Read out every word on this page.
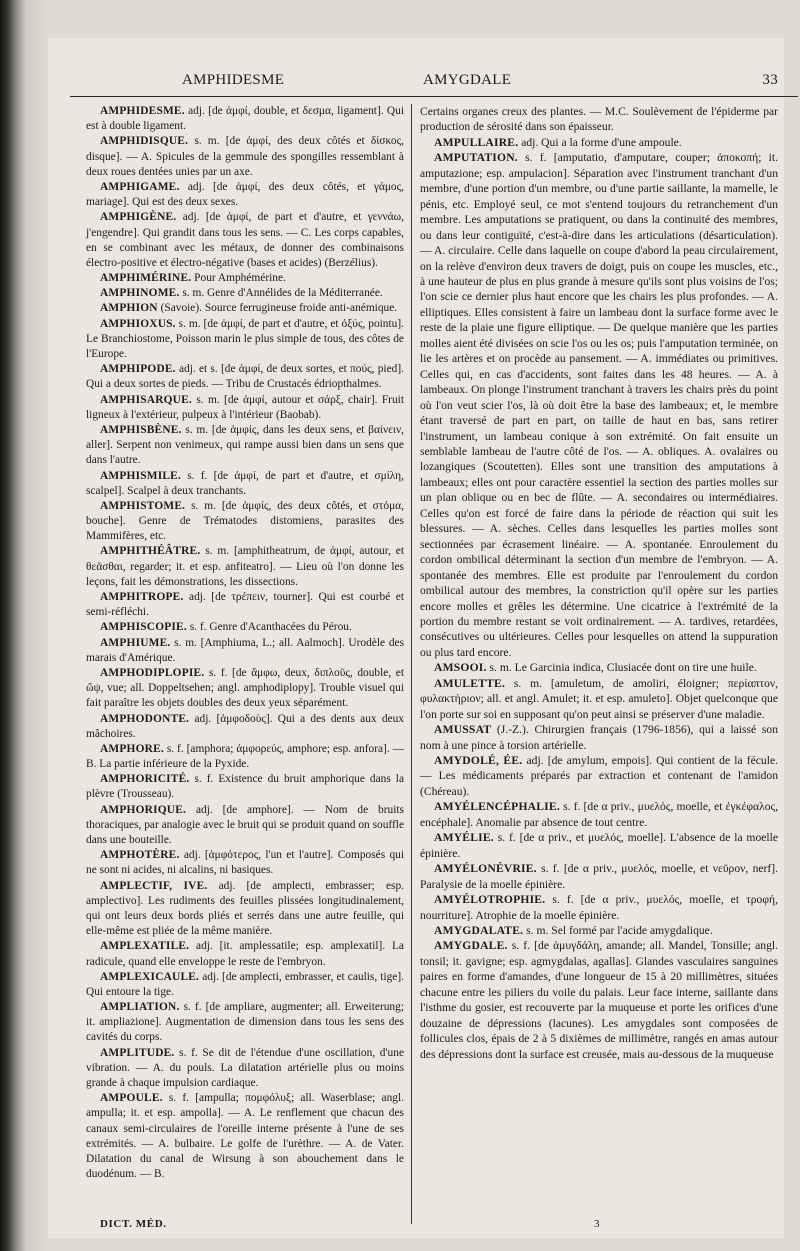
AMPHIDESME	AMYGDALE	33

AMPHIDESME. adj. [de ἀμφί, double, et δεσμα, ligament]. Qui est à double ligament.

AMPHIDISQUE. s. m. [de ἀμφί, des deux côtés et δίσκος, disque]. — A. Spicules de la gemmule des spongilles ressemblant à deux roues dentées unies par un axe.

AMPHIGAME. adj. [de ἀμφί, des deux côtés, et γάμος, mariage]. Qui est des deux sexes.

AMPHIGÈNE. adj. [de ἀμφί, de part et d'autre, et γεννάω, j'engendre]. Qui grandit dans tous les sens. — C. Les corps capables, en se combinant avec les métaux, de donner des combinaisons électro-positive et électro-négative (bases et acides) (Berzélius).

AMPHIMÉRINE. Pour Amphémérine.

AMPHINOME. s. m. Genre d'Annélides de la Méditerranée.

AMPHION (Savoie). Source ferrugineuse froide anti-anémique.

AMPHIOXUS. s. m. [de ἀμφί, de part et d'autre, et ὀξύς, pointu]. Le Branchiostome, Poisson marin le plus simple de tous, des côtes de l'Europe.

AMPHIPODE. adj. et s. [de ἀμφί, de deux sortes, et πούς, pied]. Qui a deux sortes de pieds. — Tribu de Crustacés édriopthalmes.

AMPHISARQUE. s. m. [de ἀμφί, autour et σάρξ, chair]. Fruit ligneux à l'extérieur, pulpeux à l'intérieur (Baobab).

AMPHISBÈNE. s. m. [de ἀμφίς, dans les deux sens, et βαίνειν, aller]. Serpent non venimeux, qui rampe aussi bien dans un sens que dans l'autre.

AMPHISMILE. s. f. [de ἀμφί, de part et d'autre, et σμίλη, scalpel]. Scalpel à deux tranchants.

AMPHISTOME. s. m. [de ἀμφίς, des deux côtés, et στόμα, bouche]. Genre de Trématodes distomiens, parasites des Mammifères, etc.

AMPHITHÉÂTRE. s. m. [amphitheatrum, de ἀμφί, autour, et θεᾶσθαι, regarder; it. et esp. anfiteatro]. — Lieu où l'on donne les leçons, fait les démonstrations, les dissections.

AMPHITROPE. adj. [de τρέπειν, tourner]. Qui est courbé et semi-réfléchi.

AMPHISCOPIE. s. f. Genre d'Acanthacées du Pérou.

AMPHIUME. s. m. [Amphiuma, L.; all. Aalmoch]. Urodèle des marais d'Amérique.

AMPHODIPLOPIE. s. f. [de ἄμφω, deux, διπλοῦς, double, et ὤψ, vue; all. Doppeltsehen; angl. amphodiplopy]. Trouble visuel qui fait paraître les objets doubles des deux yeux séparément.

AMPHODONTE. adj. [ἀμφοδοὺς]. Qui a des dents aux deux mâchoires.

AMPHORE. s. f. [amphora; ἀμφορεύς, amphore; esp. anfora]. — B. La partie inférieure de la Pyxide.

AMPHORICITÉ. s. f. Existence du bruit amphorique dans la plèvre (Trousseau).

AMPHORIQUE. adj. [de amphore]. — Nom de bruits thoraciques, par analogie avec le bruit qui se produit quand on souffle dans une bouteille.

AMPHOTÈRE. adj. [ἀμφότερος, l'un et l'autre]. Composés qui ne sont ni acides, ni alcalins, ni basiques.

AMPLECTIF, IVE. adj. [de amplecti, embrasser; esp. amplectivo]. Les rudiments des feuilles plissées longitudinalement, qui ont leurs deux bords pliés et serrés dans une autre feuille, qui elle-même est pliée de la même manière.

AMPLEXATILE. adj. [it. amplessatile; esp. amplexatil]. La radicule, quand elle enveloppe le reste de l'embryon.

AMPLEXICAULE. adj. [de amplecti, embrasser, et caulis, tige]. Qui entoure la tige.

AMPLIATION. s. f. [de ampliare, augmenter; all. Erweiterung; it. ampliazione]. Augmentation de dimension dans tous les sens des cavités du corps.

AMPLITUDE. s. f. Se dit de l'étendue d'une oscillation, d'une vibration. — A. du pouls. La dilatation artérielle plus ou moins grande à chaque impulsion cardiaque.

AMPOULE. s. f. [ampulla; πομφόλυξ; all. Waserblase; angl. ampulla; it. et esp. ampolla]. — A. Le renflement que chacun des canaux semi-circulaires de l'oreille interne présente à l'une de ses extrémités. — A. bulbaire. Le golfe de l'urèthre. — A. de Vater. Dilatation du canal de Wirsung à son abouchement dans le duodénum. — B.

Certains organes creux des plantes. — M.C. Soulèvement de l'épiderme par production de sérosité dans son épaisseur.

AMPULLAIRE. adj. Qui a la forme d'une ampoule.

AMPUTATION. s. f. [amputatio, d'amputare, couper; ἀποκοπή; it. amputazione; esp. ampulacion]. Séparation avec l'instrument tranchant d'un membre, d'une portion d'un membre, ou d'une partie saillante, la mamelle, le pénis, etc. Employé seul, ce mot s'entend toujours du retranchement d'un membre. Les amputations se pratiquent, ou dans la continuité des membres, ou dans leur contiguïté, c'est-à-dire dans les articulations (désarticulation). — A. circulaire. Celle dans laquelle on coupe d'abord la peau circulairement, on la relève d'environ deux travers de doigt, puis on coupe les muscles, etc., à une hauteur de plus en plus grande à mesure qu'ils sont plus voisins de l'os; l'on scie ce dernier plus haut encore que les chairs les plus profondes. — A. elliptiques. Elles consistent à faire un lambeau dont la surface forme avec le reste de la plaie une figure elliptique. — De quelque manière que les parties molles aient été divisées on scie l'os ou les os; puis l'amputation terminée, on lie les artères et on procède au pansement. — A. immédiates ou primitives. Celles qui, en cas d'accidents, sont faites dans les 48 heures. — A. à lambeaux. On plonge l'instrument tranchant à travers les chairs près du point où l'on veut scier l'os, là où doit être la base des lambeaux; et, le membre étant traversé de part en part, on taille de haut en bas, sans retirer l'instrument, un lambeau conique à son extrémité. On fait ensuite un semblable lambeau de l'autre côté de l'os. — A. obliques. A. ovalaires ou lozangiques (Scoutetten). Elles sont une transition des amputations à lambeaux; elles ont pour caractère essentiel la section des parties molles sur un plan oblique ou en bec de flûte. — A. secondaires ou intermédiaires. Celles qu'on est forcé de faire dans la période de réaction qui suit les blessures. — A. sèches. Celles dans lesquelles les parties molles sont sectionnées par écrasement linéaire. — A. spontanée. Enroulement du cordon ombilical déterminant la section d'un membre de l'embryon. — A. spontanée des membres. Elle est produite par l'enroulement du cordon ombilical autour des membres, la constriction qu'il opère sur les parties encore molles et grêles les détermine. Une cicatrice à l'extrémité de la portion du membre restant se voit ordinairement. — A. tardives, retardées, consécutives ou ultérieures. Celles pour lesquelles on attend la suppuration ou plus tard encore.

AMSOOI. s. m. Le Garcinia indica, Clusiacée dont on tire une huile.

AMULETTE. s. m. [amuletum, de amoliri, éloigner; περίαπτον, φυλακτήριον; all. et angl. Amulet; it. et esp. amuleto]. Objet quelconque que l'on porte sur soi en supposant qu'on peut ainsi se préserver d'une maladie.

AMUSSAT (J.-Z.). Chirurgien français (1796-1856), qui a laissé son nom à une pince à torsion artérielle.

AMYDOLÉ, ÉE. adj. [de amylum, empois]. Qui contient de la fécule. — Les médicaments préparés par extraction et contenant de l'amidon (Chéreau).

AMYÉLENCÉPHALIE. s. f. [de α priv., μυελός, moelle, et ἐγκέφαλος, encéphale]. Anomalie par absence de tout centre.

AMYÉLIE. s. f. [de α priv., et μυελός, moelle]. L'absence de la moelle épinière.

AMYÉLONÉVRIE. s. f. [de α priv., μυελός, moelle, et νεῦρον, nerf]. Paralysie de la moelle épinière.

AMYÉLOTROPHIE. s. f. [de α priv., μυελός, moelle, et τροφή, nourriture]. Atrophie de la moelle épinière.

AMYGDALATE. s. m. Sel formé par l'acide amygdalique.

AMYGDALE. s. f. [de ἀμυγδάλη, amande; all. Mandel, Tonsille; angl. tonsil; it. gavigne; esp. agmygdalas, agallas]. Glandes vasculaires sanguines paires en forme d'amandes, d'une longueur de 15 à 20 millimètres, situées chacune entre les piliers du voile du palais. Leur face interne, saillante dans l'isthme du gosier, est recouverte par la muqueuse et porte les orifices d'une douzaine de dépressions (lacunes). Les amygdales sont composées de follicules clos, épais de 2 à 5 dixièmes de millimètre, rangés en amas autour des dépressions dont la surface est creusée, mais au-dessous de la muqueuse

DICT. MÉD.	3
